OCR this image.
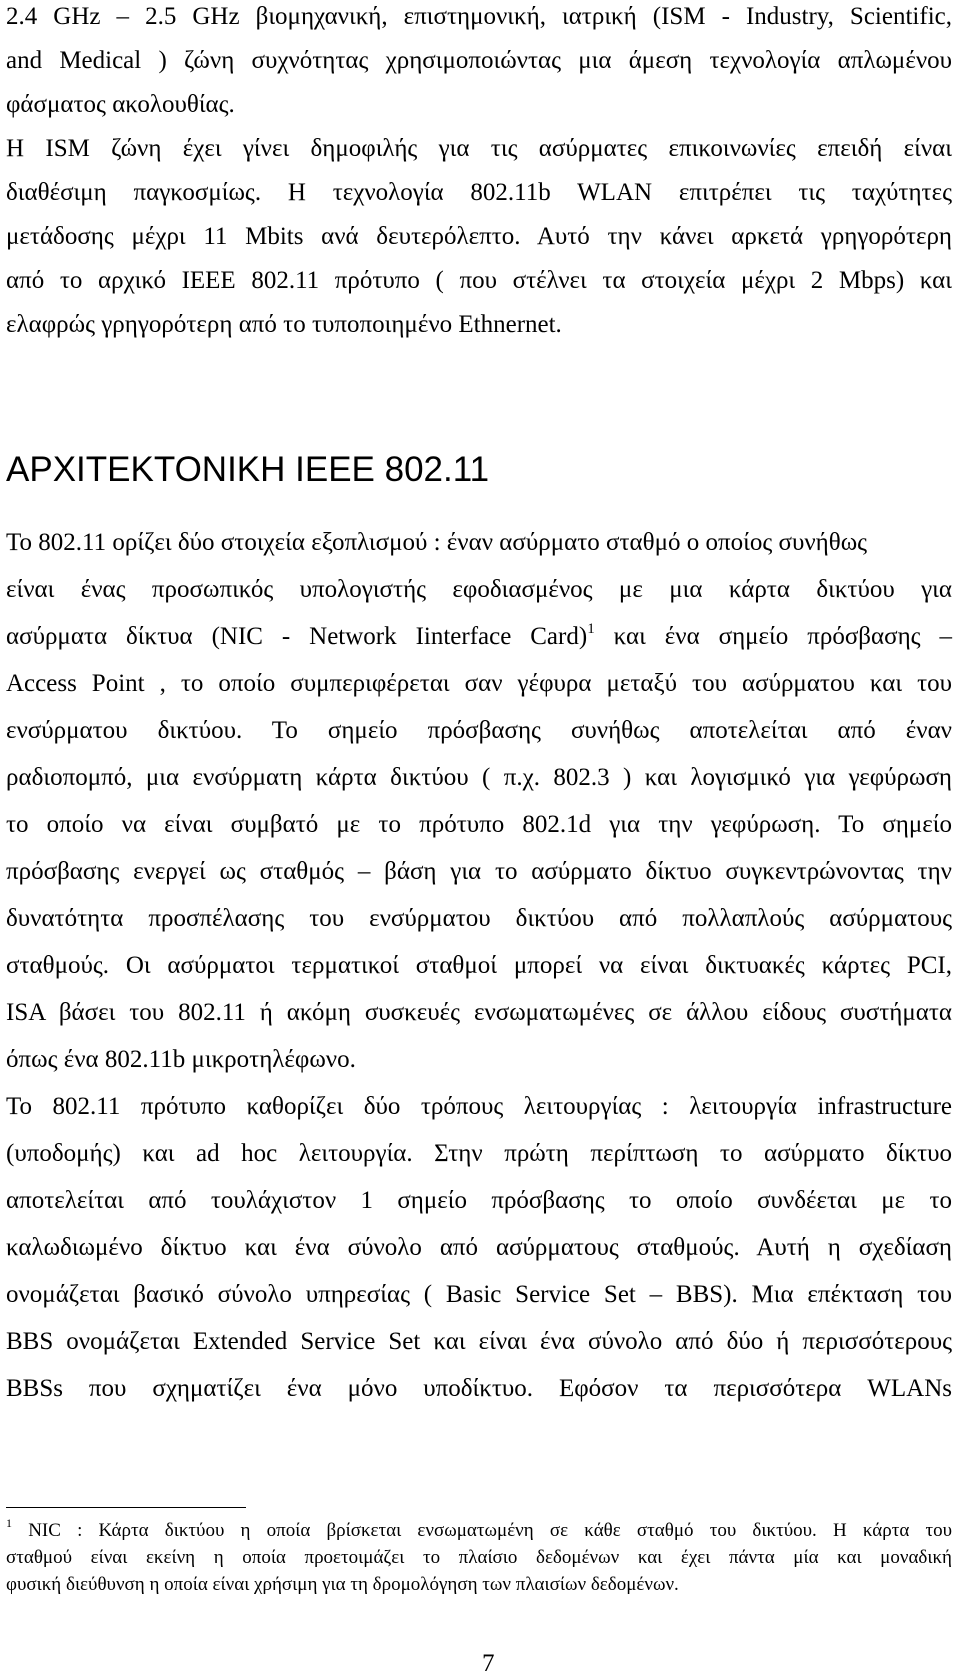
2.4 GHz – 2.5 GHz βιομηχανική, επιστημονική, ιατρική (ISM - Industry, Scientific,
and Medical ) ζώνη συχνότητας χρησιμοποιώντας μια άμεση τεχνολογία απλωμένου
φάσματος ακολουθίας.
Η ISM ζώνη έχει γίνει δημοφιλής για τις ασύρματες επικοινωνίες επειδή είναι
διαθέσιμη παγκοσμίως. Η τεχνολογία 802.11b WLAN επιτρέπει τις ταχύτητες
μετάδοσης μέχρι 11 Mbits ανά δευτερόλεπτο. Αυτό την κάνει αρκετά γρηγορότερη
από το αρχικό IEEE 802.11 πρότυπο ( που στέλνει τα στοιχεία μέχρι 2 Mbps) και
ελαφρώς γρηγορότερη από το τυποποιημένο Ethnernet.
ΑΡΧΙΤΕΚΤΟΝΙΚΗ IEEE 802.11
Το 802.11 ορίζει δύο στοιχεία εξοπλισμού : έναν ασύρματο σταθμό ο οποίος συνήθως
είναι ένας προσωπικός υπολογιστής εφοδιασμένος με μια κάρτα δικτύου για
ασύρματα δίκτυα (NIC - Network Iinterface Card)$^1$ και ένα σημείο πρόσβασης –
Access Point , το οποίο συμπεριφέρεται σαν γέφυρα μεταξύ του ασύρματου και του
ενσύρματου δικτύου. Το σημείο πρόσβασης συνήθως αποτελείται από έναν
ραδιοπομπό, μια ενσύρματη κάρτα δικτύου ( π.χ. 802.3 ) και λογισμικό για γεφύρωση
το οποίο να είναι συμβατό με το πρότυπο 802.1d για την γεφύρωση. Το σημείο
πρόσβασης ενεργεί ως σταθμός – βάση για το ασύρματο δίκτυο συγκεντρώνοντας την
δυνατότητα προσπέλασης του ενσύρματου δικτύου από πολλαπλούς ασύρματους
σταθμούς. Οι ασύρματοι τερματικοί σταθμοί μπορεί να είναι δικτυακές κάρτες PCI,
ISA βάσει του 802.11 ή ακόμη συσκευές ενσωματωμένες σε άλλου είδους συστήματα
όπως ένα 802.11b μικροτηλέφωνο.
Το 802.11 πρότυπο καθορίζει δύο τρόπους λειτουργίας : λειτουργία infrastructure
(υποδομής) και ad hoc λειτουργία. Στην πρώτη περίπτωση το ασύρματο δίκτυο
αποτελείται από τουλάχιστον 1 σημείο πρόσβασης το οποίο συνδέεται με το
καλωδιωμένο δίκτυο και ένα σύνολο από ασύρματους σταθμούς. Αυτή η σχεδίαση
ονομάζεται βασικό σύνολο υπηρεσίας ( Basic Service Set – BBS). Μια επέκταση του
BBS ονομάζεται Extended Service Set και είναι ένα σύνολο από δύο ή περισσότερους
BBSs που σχηματίζει ένα μόνο υποδίκτυο. Εφόσον τα περισσότερα WLANs
$^1$ NIC : Κάρτα δικτύου η οποία βρίσκεται ενσωματωμένη σε κάθε σταθμό του δικτύου. Η κάρτα του
σταθμού είναι εκείνη η οποία προετοιμάζει το πλαίσιο δεδομένων και έχει πάντα μία και μοναδική
φυσική διεύθυνση η οποία είναι χρήσιμη για τη δρομολόγηση των πλαισίων δεδομένων.
7
